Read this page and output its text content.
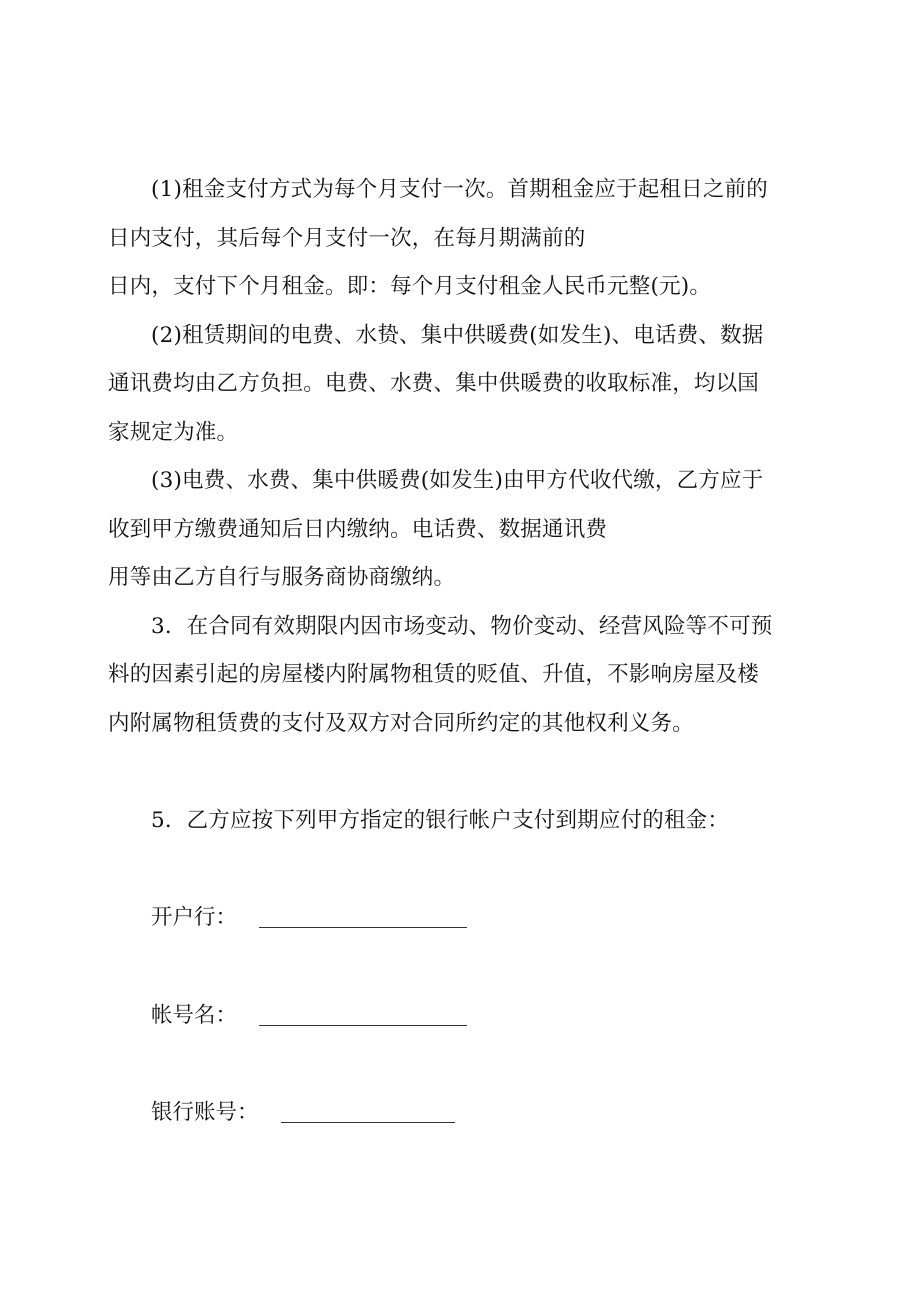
(1)租金支付方式为每个月支付一次。首期租金应于起租日之前的
日内支付，其后每个月支付一次，在每月期满前的
日内，支付下个月租金。即：每个月支付租金人民币元整(元)。
(2)租赁期间的电费、水贽、集中供暖费(如发生)、电话费、数据
通讯费均由乙方负担。电费、水费、集中供暖费的收取标准，均以国
家规定为准。
(3)电费、水费、集中供暖费(如发生)由甲方代收代缴，乙方应于
收到甲方缴费通知后日内缴纳。电话费、数据通讯费
用等由乙方自行与服务商协商缴纳。
3．在合同有效期限内因市场变动、物价变动、经营风险等不可预
料的因素引起的房屋楼内附属物租赁的贬值、升值，不影响房屋及楼
内附属物租赁费的支付及双方对合同所约定的其他权利义务。
5．乙方应按下列甲方指定的银行帐户支付到期应付的租金：
开户行：
帐号名：
银行账号：
